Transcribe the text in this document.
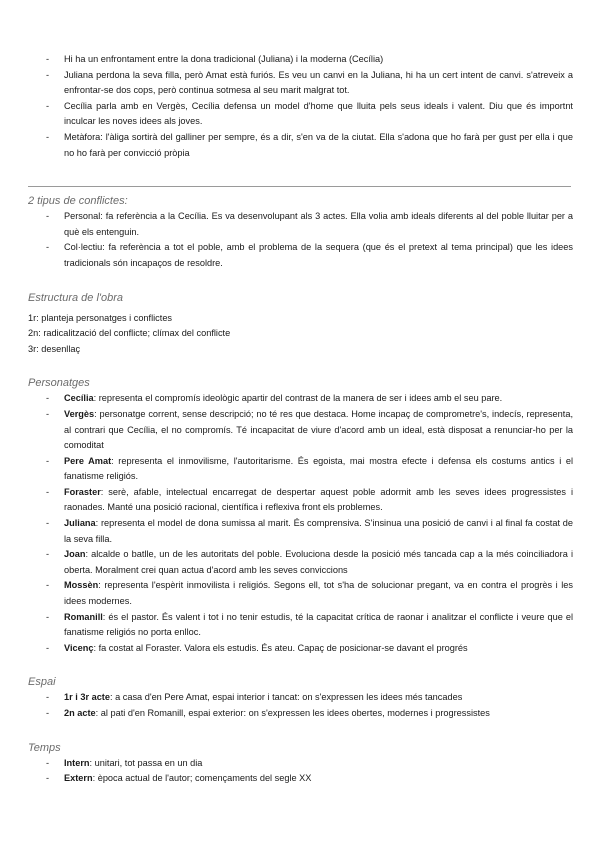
- Hi ha un enfrontament entre la dona tradicional (Juliana) i la moderna (Cecília)
- Juliana perdona la seva filla, però Amat està furiós. Es veu un canvi en la Juliana, hi ha un cert intent de canvi. s'atreveix a enfrontar-se dos cops, però continua sotmesa al seu marit malgrat tot.
- Cecília parla amb en Vergès, Cecília defensa un model d'home que lluita pels seus ideals i valent. Diu que és importnt inculcar les noves idees als joves.
- Metàfora: l'àliga sortirà del galliner per sempre, és a dir, s'en va de la ciutat. Ella s'adona que ho farà per gust per ella i que no ho farà per convicció pròpia
2 tipus de conflictes:
- Personal: fa referència a la Cecília. Es va desenvolupant als 3 actes. Ella volia amb ideals diferents al del poble lluitar per a què els entenguin.
- Col·lectiu: fa referència a tot el poble, amb el problema de la sequera (que és el pretext al tema principal) que les idees tradicionals són incapaços de resoldre.
Estructura de l'obra

1r: planteja personatges i conflictes

2n: radicalització del conflicte; clímax del conflicte

3r: desenllaç

Personatges
- Cecília: representa el compromís ideològic apartir del contrast de la manera de ser i idees amb el seu pare.
- Vergès: personatge corrent, sense descripció; no té res que destaca. Home incapaç de comprometre's, indecís, representa, al contrari que Cecília, el no compromís. Té incapacitat de viure d'acord amb un ideal, està disposat a renunciar-ho per la comoditat
- Pere Amat: representa el inmovilisme, l'autoritarisme. És egoista, mai mostra efecte i defensa els costums antics i el fanatisme religiós.
- Foraster: serè, afable, intelectual encarregat de despertar aquest poble adormit amb les seves idees progressistes i raonades. Manté una posició racional, científica i reflexiva front els problemes.
- Juliana: representa el model de dona sumissa al marit. És comprensiva. S'insinua una posició de canvi i al final fa costat de la seva filla.
- Joan: alcalde o batlle, un de les autoritats del poble. Evoluciona desde la posició més tancada cap a la més coinciliadora i oberta. Moralment crei quan actua d'acord amb les seves conviccions
- Mossèn: representa l'espèrit inmovilista i religiós. Segons ell, tot s'ha de solucionar pregant, va en contra el progrès i les idees modernes.
- Romanill: és el pastor. És valent i tot i no tenir estudis, té la capacitat crítica de raonar i analitzar el conflicte i veure que el fanatisme religiós no porta enlloc.
- Vicenç: fa costat al Foraster. Valora els estudis. És ateu. Capaç de posicionar-se davant el progrés
Espai
- 1r i 3r acte: a casa d'en Pere Amat, espai interior i tancat: on s'expressen les idees més tancades
- 2n acte: al pati d'en Romanill, espai exterior: on s'expressen les idees obertes, modernes i progressistes
Temps
- Intern: unitari, tot passa en un dia
- Extern: època actual de l'autor; començaments del segle XX
